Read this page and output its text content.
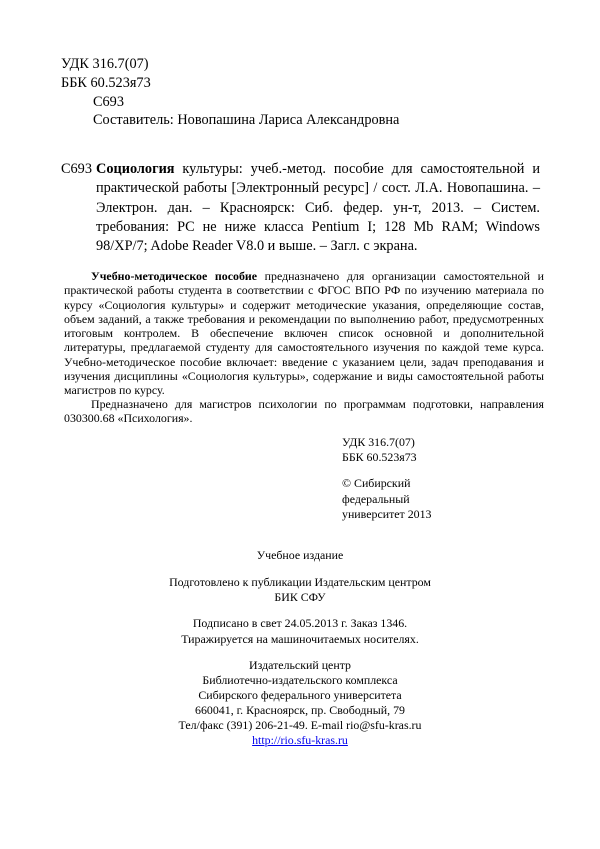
УДК 316.7(07)
ББК 60.523я73
С693
Составитель: Новопашина Лариса Александровна
С693 Социология культуры: учеб.-метод. пособие для самостоятельной и практической работы [Электронный ресурс] / сост. Л.А. Новопашина. – Электрон. дан. – Красноярск: Сиб. федер. ун-т, 2013. – Систем. требования: PC не ниже класса Pentium I; 128 Mb RAM; Windows 98/XP/7; Adobe Reader V8.0 и выше. – Загл. с экрана.

Учебно-методическое пособие предназначено для организации самостоятельной и практической работы студента в соответствии с ФГОС ВПО РФ по изучению материала по курсу «Социология культуры» и содержит методические указания, определяющие состав, объем заданий, а также требования и рекомендации по выполнению работ, предусмотренных итоговым контролем. В обеспечение включен список основной и дополнительной литературы, предлагаемой студенту для самостоятельного изучения по каждой теме курса. Учебно-методическое пособие включает: введение с указанием цели, задач преподавания и изучения дисциплины «Социология культуры», содержание и виды самостоятельной работы магистров по курсу.

Предназначено для магистров психологии по программам подготовки, направления 030300.68 «Психология».

УДК 316.7(07)
ББК 60.523я73
© Сибирский
федеральный
университет 2013
Учебное издание
Подготовлено к публикации Издательским центром
БИК СФУ
Подписано в свет 24.05.2013 г. Заказ 1346.
Тиражируется на машиночитаемых носителях.
Издательский центр
Библиотечно-издательского комплекса
Сибирского федерального университета
660041, г. Красноярск, пр. Свободный, 79
Тел/факс (391) 206-21-49. E-mail rio@sfu-kras.ru
http://rio.sfu-kras.ru
